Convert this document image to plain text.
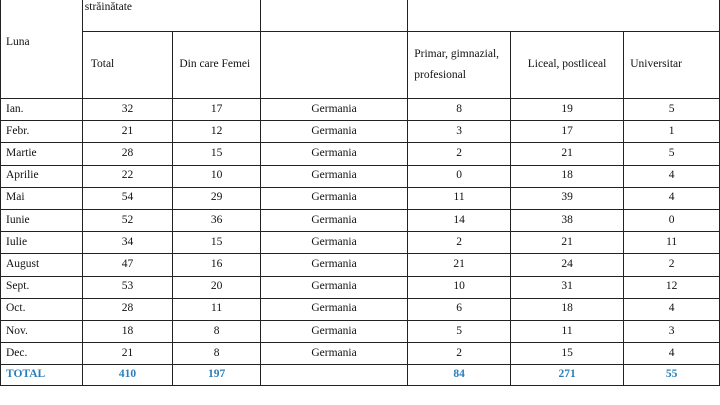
Luna	străinătate		
	Total	Din care Femei		Primar, gimnazial, profesional	Liceal, postliceal	Universitar
Ian.	32	17	Germania	8	19	5
Febr.	21	12	Germania	3	17	1
Martie	28	15	Germania	2	21	5
Aprilie	22	10	Germania	0	18	4
Mai	54	29	Germania	11	39	4
Iunie	52	36	Germania	14	38	0
Iulie	34	15	Germania	2	21	11
August	47	16	Germania	21	24	2
Sept.	53	20	Germania	10	31	12
Oct.	28	11	Germania	6	18	4
Nov.	18	8	Germania	5	11	3
Dec.	21	8	Germania	2	15	4
TOTAL	410	197		84	271	55
